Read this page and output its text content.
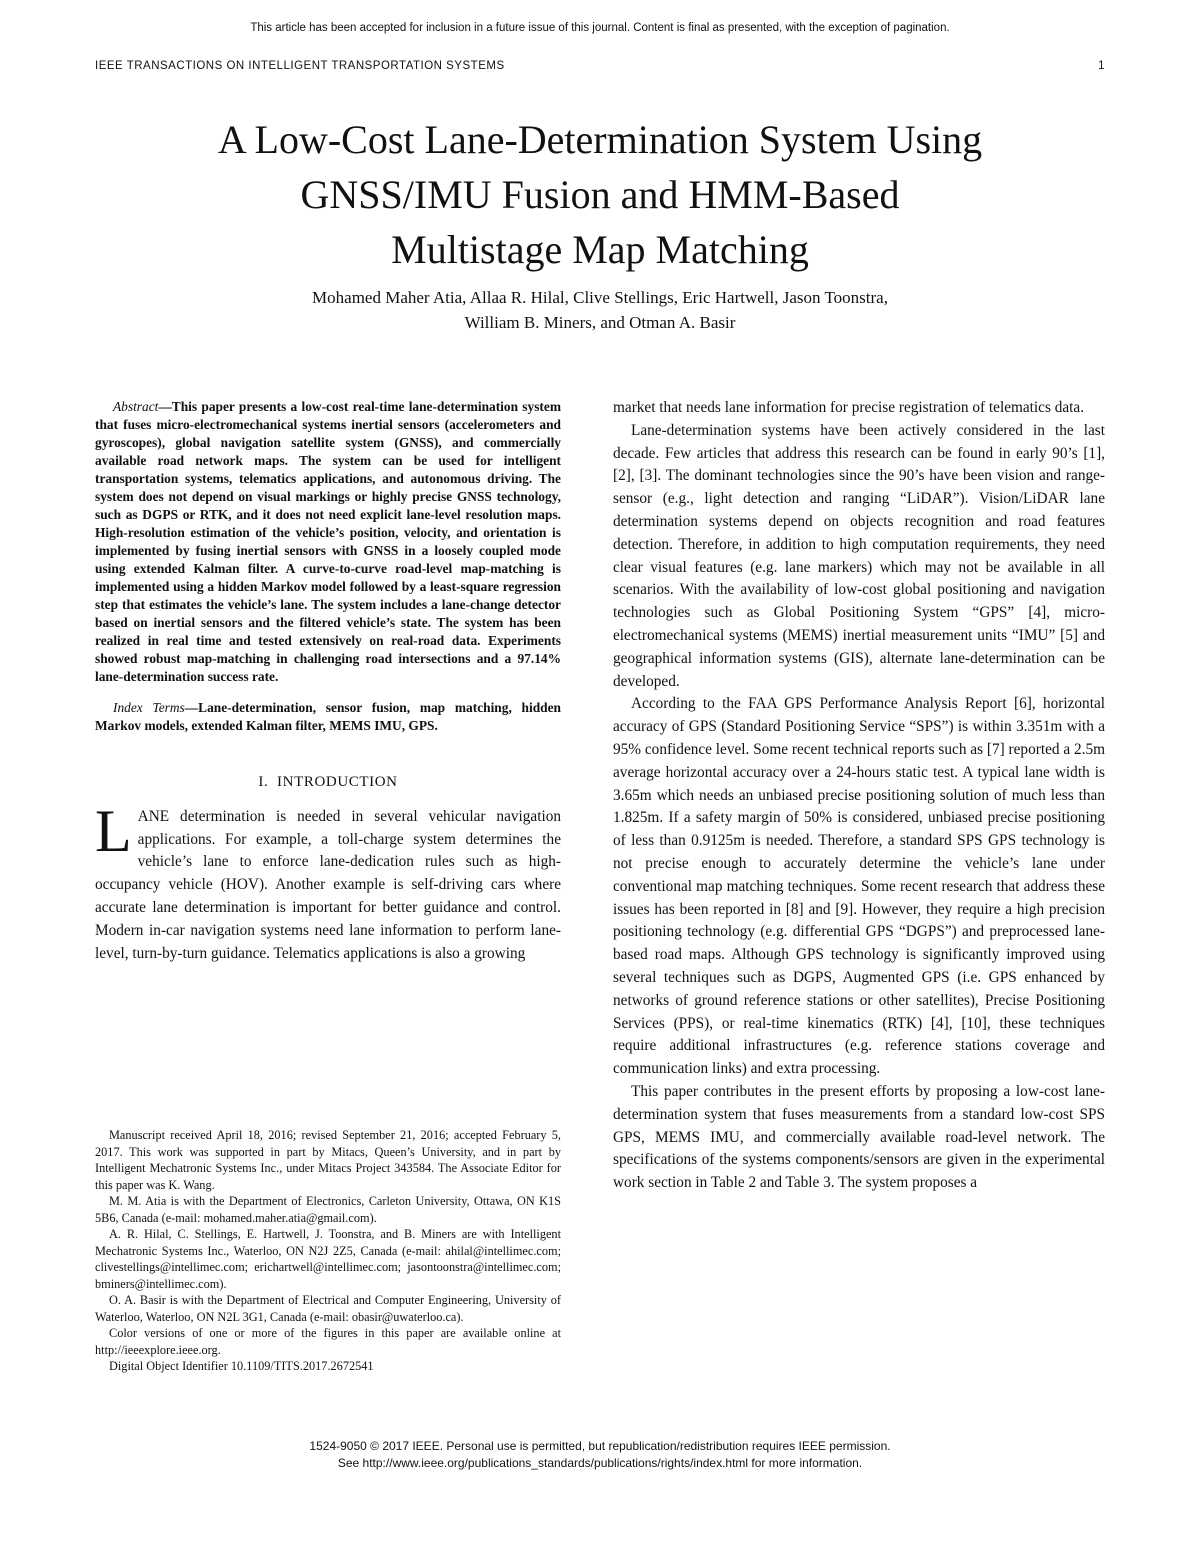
This article has been accepted for inclusion in a future issue of this journal. Content is final as presented, with the exception of pagination.
IEEE TRANSACTIONS ON INTELLIGENT TRANSPORTATION SYSTEMS	1
A Low-Cost Lane-Determination System Using
GNSS/IMU Fusion and HMM-Based
Multistage Map Matching
Mohamed Maher Atia, Allaa R. Hilal, Clive Stellings, Eric Hartwell, Jason Toonstra,
William B. Miners, and Otman A. Basir

Abstract—This paper presents a low-cost real-time lane-determination system that fuses micro-electromechanical systems inertial sensors (accelerometers and gyroscopes), global navigation satellite system (GNSS), and commercially available road network maps. The system can be used for intelligent transportation systems, telematics applications, and autonomous driving. The system does not depend on visual markings or highly precise GNSS technology, such as DGPS or RTK, and it does not need explicit lane-level resolution maps. High-resolution estimation of the vehicle’s position, velocity, and orientation is implemented by fusing inertial sensors with GNSS in a loosely coupled mode using extended Kalman filter. A curve-to-curve road-level map-matching is implemented using a hidden Markov model followed by a least-square regression step that estimates the vehicle’s lane. The system includes a lane-change detector based on inertial sensors and the filtered vehicle’s state. The system has been realized in real time and tested extensively on real-road data. Experiments showed robust map-matching in challenging road intersections and a 97.14% lane-determination success rate.

Index Terms—Lane-determination, sensor fusion, map matching, hidden Markov models, extended Kalman filter, MEMS IMU, GPS.

I. INTRODUCTION

LANE determination is needed in several vehicular navigation applications. For example, a toll-charge system determines the vehicle’s lane to enforce lane-dedication rules such as high-occupancy vehicle (HOV). Another example is self-driving cars where accurate lane determination is important for better guidance and control. Modern in-car navigation systems need lane information to perform lane-level, turn-by-turn guidance. Telematics applications is also a growing

market that needs lane information for precise registration of telematics data.

Lane-determination systems have been actively considered in the last decade. Few articles that address this research can be found in early 90’s [1], [2], [3]. The dominant technologies since the 90’s have been vision and range-sensor (e.g., light detection and ranging “LiDAR”). Vision/LiDAR lane determination systems depend on objects recognition and road features detection. Therefore, in addition to high computation requirements, they need clear visual features (e.g. lane markers) which may not be available in all scenarios. With the availability of low-cost global positioning and navigation technologies such as Global Positioning System “GPS” [4], micro-electromechanical systems (MEMS) inertial measurement units “IMU” [5] and geographical information systems (GIS), alternate lane-determination can be developed.

According to the FAA GPS Performance Analysis Report [6], horizontal accuracy of GPS (Standard Positioning Service “SPS”) is within 3.351m with a 95% confidence level. Some recent technical reports such as [7] reported a 2.5m average horizontal accuracy over a 24-hours static test. A typical lane width is 3.65m which needs an unbiased precise positioning solution of much less than 1.825m. If a safety margin of 50% is considered, unbiased precise positioning of less than 0.9125m is needed. Therefore, a standard SPS GPS technology is not precise enough to accurately determine the vehicle’s lane under conventional map matching techniques. Some recent research that address these issues has been reported in [8] and [9]. However, they require a high precision positioning technology (e.g. differential GPS “DGPS”) and preprocessed lane-based road maps. Although GPS technology is significantly improved using several techniques such as DGPS, Augmented GPS (i.e. GPS enhanced by networks of ground reference stations or other satellites), Precise Positioning Services (PPS), or real-time kinematics (RTK) [4], [10], these techniques require additional infrastructures (e.g. reference stations coverage and communication links) and extra processing.

This paper contributes in the present efforts by proposing a low-cost lane-determination system that fuses measurements from a standard low-cost SPS GPS, MEMS IMU, and commercially available road-level network. The specifications of the systems components/sensors are given in the experimental work section in Table 2 and Table 3. The system proposes a

Manuscript received April 18, 2016; revised September 21, 2016; accepted February 5, 2017. This work was supported in part by Mitacs, Queen’s University, and in part by Intelligent Mechatronic Systems Inc., under Mitacs Project 343584. The Associate Editor for this paper was K. Wang.

M. M. Atia is with the Department of Electronics, Carleton University, Ottawa, ON K1S 5B6, Canada (e-mail: mohamed.maher.atia@gmail.com).

A. R. Hilal, C. Stellings, E. Hartwell, J. Toonstra, and B. Miners are with Intelligent Mechatronic Systems Inc., Waterloo, ON N2J 2Z5, Canada (e-mail: ahilal@intellimec.com; clivestellings@intellimec.com; erichartwell@intellimec.com; jasontoonstra@intellimec.com; bminers@intellimec.com).

O. A. Basir is with the Department of Electrical and Computer Engineering, University of Waterloo, Waterloo, ON N2L 3G1, Canada (e-mail: obasir@uwaterloo.ca).

Color versions of one or more of the figures in this paper are available online at http://ieeexplore.ieee.org.

Digital Object Identifier 10.1109/TITS.2017.2672541

1524-9050 © 2017 IEEE. Personal use is permitted, but republication/redistribution requires IEEE permission.
See http://www.ieee.org/publications_standards/publications/rights/index.html for more information.
